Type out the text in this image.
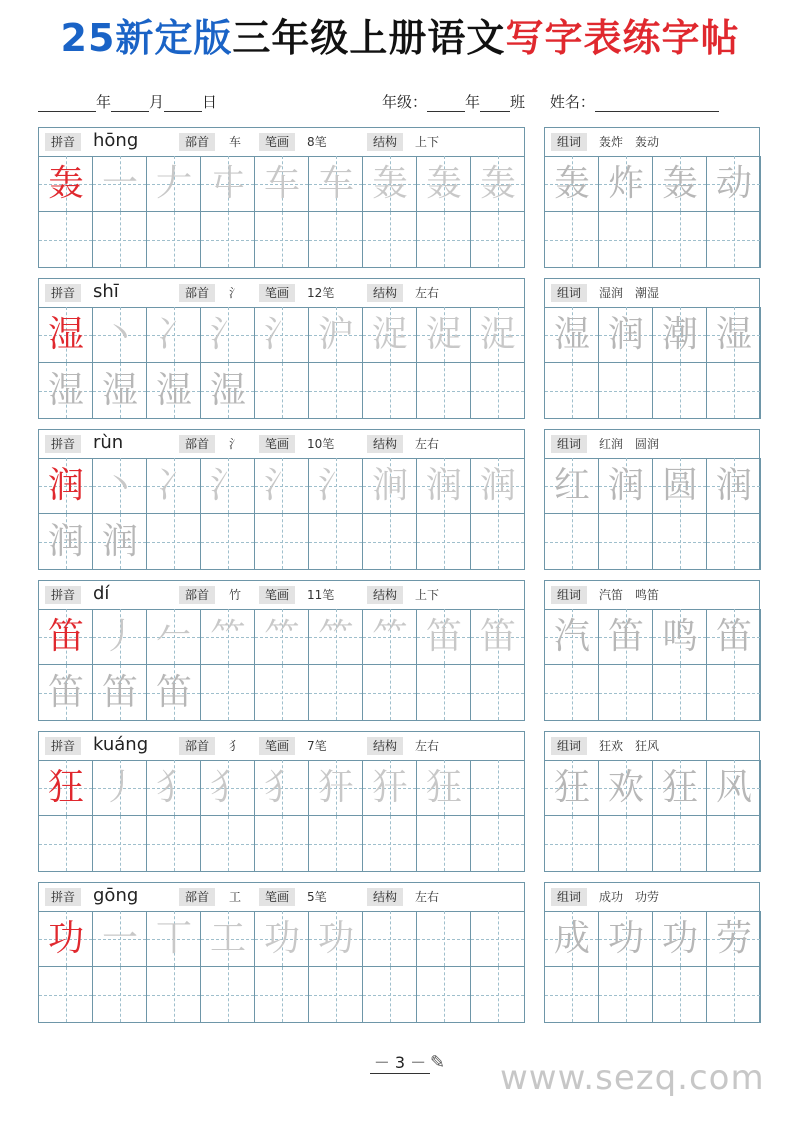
25新定版三年级上册语文写字表练字帖
年	月	日	年级：	年 班 姓名：
拼音 hōng	部首	车	笔画	8笔	结构	上下
轰 一 𠂇 㐄 车 车 轰 轰 轰
组词	轰炸　轰动
轰 炸 轰 动
拼音 shī	部首	氵	笔画	12笔	结构	左右
湿 丶 冫 氵 氵 沪 浞 浞 浞
湿 湿 湿 湿
组词	湿润　潮湿
湿 润 潮 湿
拼音 rùn	部首	氵	笔画	10笔	结构	左右
润 丶 冫 氵 氵 氵 涧 润 润
润 润
组词	红润　圆润
红 润 圆 润
拼音 dí	部首	竹	笔画	11笔	结构	上下
笛 丿 𠂉 ⺮ ⺮ ⺮ ⺮ 笛 笛
笛 笛 笛
组词	汽笛　鸣笛
汽 笛 鸣 笛
拼音 kuáng	部首	犭	笔画	7笔	结构	左右
狂 丿 犭 犭 犭 犴 犴 狂
组词	狂欢　狂风
狂 欢 狂 风
拼音 gōng	部首	工	笔画	5笔	结构	左右
功 一 丅 工 功 功
组词	成功　功劳
成 功 功 劳
－ 3 － ✎ www.sezq.com
